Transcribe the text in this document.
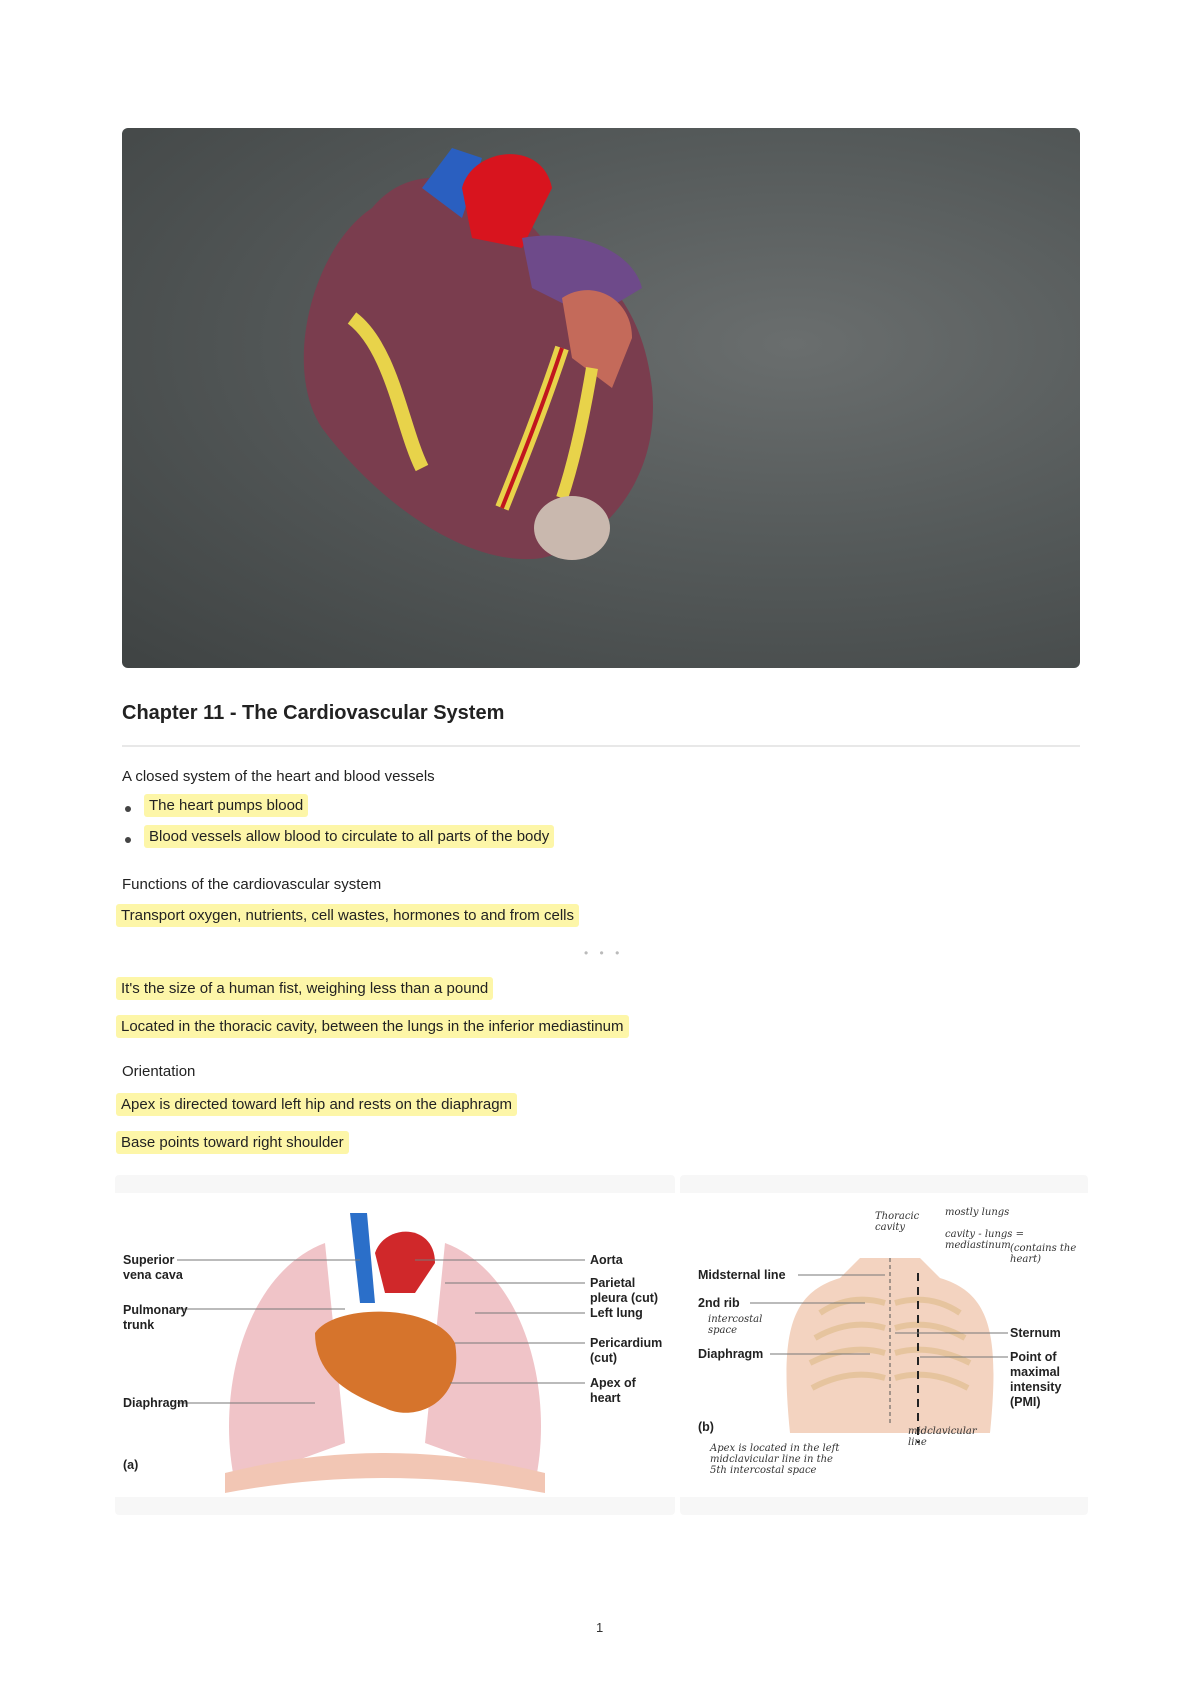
Chapter 11 - The Cardiovascular System
A closed system of the heart and blood vessels
The heart pumps blood
Blood vessels allow blood to circulate to all parts of the body
Functions of the cardiovascular system
Transport oxygen, nutrients, cell wastes, hormones to and from cells
• • •
It's the size of a human fist, weighing less than a pound
Located in the thoracic cavity, between the lungs in the inferior mediastinum
Orientation
Apex is directed toward left hip and rests on the diaphragm
Base points toward right shoulder
Superior vena cava
Pulmonary trunk
Diaphragm
Aorta
Parietal pleura (cut)
Left lung
Pericardium (cut)
Apex of heart
(a)
Thoracic cavity
mostly lungs
cavity - lungs = mediastinum (contains the heart)
Midsternal line
2nd rib
intercostal space
Diaphragm
Sternum
Point of maximal intensity (PMI)
(b)	midclavicular line
Apex is located in the left midclavicular line in the 5th intercostal space
1
